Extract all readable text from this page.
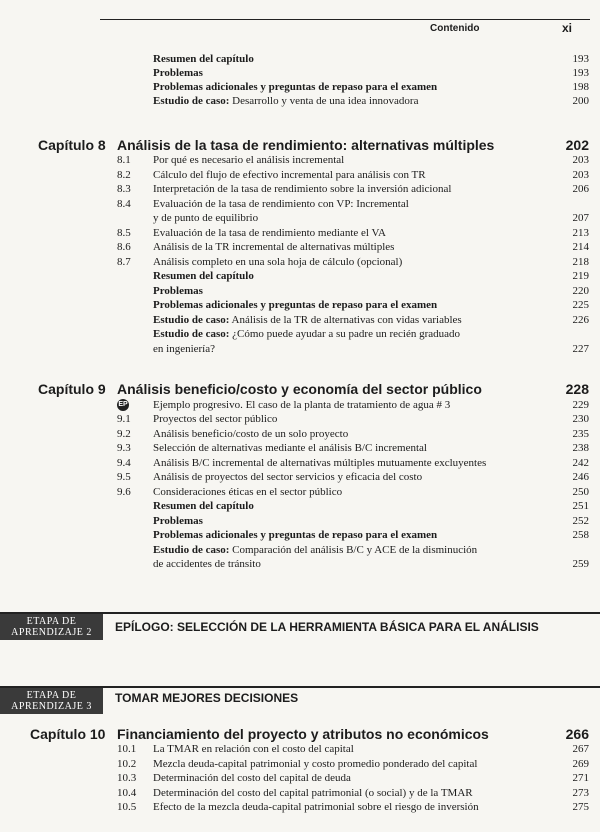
Contenido	xi
Resumen del capítulo	193
Problemas	193
Problemas adicionales y preguntas de repaso para el examen	198
Estudio de caso: Desarrollo y venta de una idea innovadora	200
Capítulo 8 Análisis de la tasa de rendimiento: alternativas múltiples	202
8.1	Por qué es necesario el análisis incremental	203
8.2	Cálculo del flujo de efectivo incremental para análisis con TR	203
8.3	Interpretación de la tasa de rendimiento sobre la inversión adicional	206
8.4	Evaluación de la tasa de rendimiento con VP: Incremental
y de punto de equilibrio	207
8.5	Evaluación de la tasa de rendimiento mediante el VA	213
8.6	Análisis de la TR incremental de alternativas múltiples	214
8.7	Análisis completo en una sola hoja de cálculo (opcional)	218
Resumen del capítulo	219
Problemas	220
Problemas adicionales y preguntas de repaso para el examen	225
Estudio de caso: Análisis de la TR de alternativas con vidas variables	226
Estudio de caso: ¿Cómo puede ayudar a su padre un recién graduado
en ingeniería?	227
Capítulo 9 Análisis beneficio/costo y economía del sector público	228
EP Ejemplo progresivo. El caso de la planta de tratamiento de agua # 3	229
9.1	Proyectos del sector público	230
9.2	Análisis beneficio/costo de un solo proyecto	235
9.3	Selección de alternativas mediante el análisis B/C incremental	238
9.4	Análisis B/C incremental de alternativas múltiples mutuamente excluyentes	242
9.5	Análisis de proyectos del sector servicios y eficacia del costo	246
9.6	Consideraciones éticas en el sector público	250
Resumen del capítulo	251
Problemas	252
Problemas adicionales y preguntas de repaso para el examen	258
Estudio de caso: Comparación del análisis B/C y ACE de la disminución
de accidentes de tránsito	259
ETAPA DE
APRENDIZAJE 2	EPÍLOGO: SELECCIÓN DE LA HERRAMIENTA BÁSICA PARA EL ANÁLISIS
ETAPA DE
APRENDIZAJE 3
TOMAR MEJORES DECISIONES
Capítulo 10 Financiamiento del proyecto y atributos no económicos	266
10.1	La TMAR en relación con el costo del capital	267
10.2	Mezcla deuda-capital patrimonial y costo promedio ponderado del capital	269
10.3	Determinación del costo del capital de deuda	271
10.4	Determinación del costo del capital patrimonial (o social) y de la TMAR	273
10.5	Efecto de la mezcla deuda-capital patrimonial sobre el riesgo de inversión	275
